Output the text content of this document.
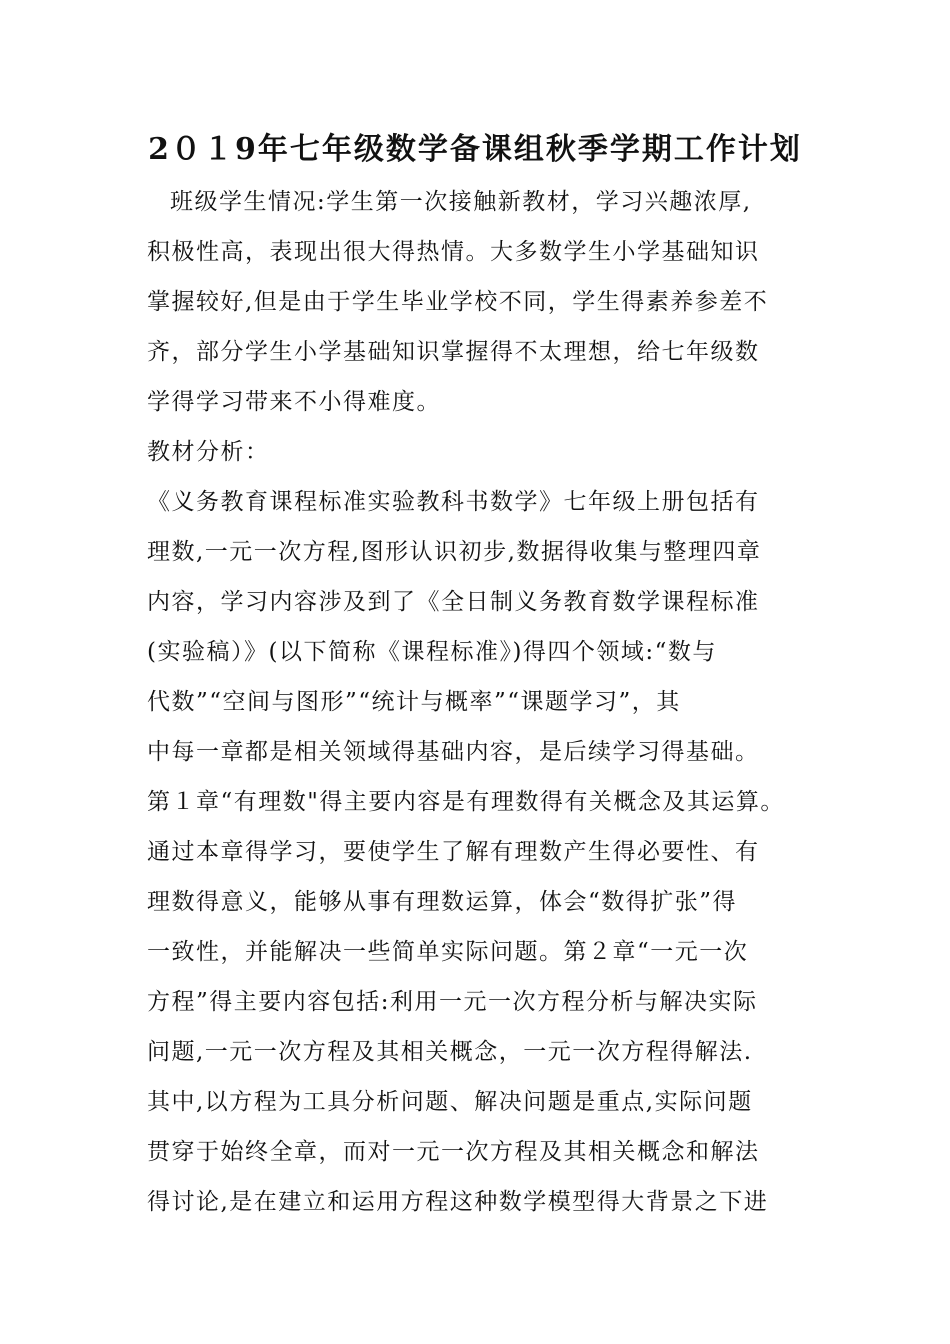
2０１9年七年级数学备课组秋季学期工作计划
班级学生情况:学生第一次接触新教材，学习兴趣浓厚,
积极性高，表现出很大得热情。大多数学生小学基础知识
掌握较好,但是由于学生毕业学校不同，学生得素养参差不
齐，部分学生小学基础知识掌握得不太理想，给七年级数
学得学习带来不小得难度。
教材分析：
《义务教育课程标准实验教科书数学》七年级上册包括有
理数,一元一次方程,图形认识初步,数据得收集与整理四章
内容，学习内容涉及到了《全日制义务教育数学课程标准
(实验稿）》(以下简称《课程标准》)得四个领域:“数与
代数”“空间与图形”“统计与概率”“课题学习”，其
中每一章都是相关领域得基础内容，是后续学习得基础。
第１章“有理数"得主要内容是有理数得有关概念及其运算。
通过本章得学习，要使学生了解有理数产生得必要性、有
理数得意义，能够从事有理数运算，体会“数得扩张”得
一致性，并能解决一些简单实际问题。第２章“一元一次
方程”得主要内容包括:利用一元一次方程分析与解决实际
问题,一元一次方程及其相关概念，一元一次方程得解法.
其中,以方程为工具分析问题、解决问题是重点,实际问题
贯穿于始终全章，而对一元一次方程及其相关概念和解法
得讨论,是在建立和运用方程这种数学模型得大背景之下进
